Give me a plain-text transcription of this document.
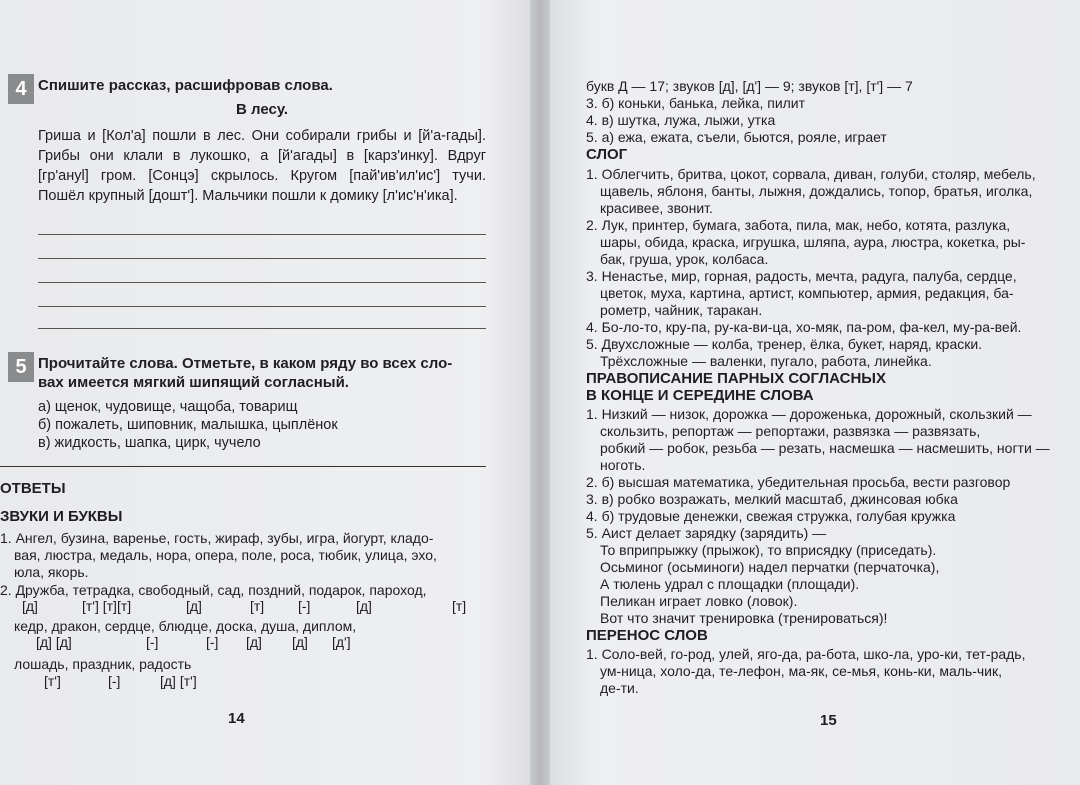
4 Спишите рассказ, расшифровав слова.
В лесу.
Гриша и [Кол'а] пошли в лес. Они собирали грибы и [й'а-гады]. Грибы они клали в лукошко, а [й'агады] в [карз'инку]. Вдруг [гр'ануl] гром. [Сонцэ] скрылось. Кругом [пай'ив'ил'ис'] тучи. Пошёл крупный [дошт']. Мальчики пошли к домику [л'ис'н'ика].
5 Прочитайте слова. Отметьте, в каком ряду во всех сло-
вах имеется мягкий шипящий согласный.
а) щенок, чудовище, чащоба, товарищ
б) пожалеть, шиповник, малышка, цыплёнок
в) жидкость, шапка, цирк, чучело
ОТВЕТЫ
ЗВУКИ И БУКВЫ
1. Ангел, бузина, варенье, гость, жираф, зубы, игра, йогурт, кладо-
вая, люстра, медаль, нора, опера, поле, роса, тюбик, улица, эхо,
юла, якорь.
2. Дружба, тетрадка, свободный, сад, поздний, подарок, пароход,
[д]	[т'] [т][т]	[д]	[т] [-]	[д]	[т]
кедр, дракон, сердце, блюдце, доска, душа, диплом,
[д] [д]	[-]	[-] [д] [д] [д']
лошадь, праздник, радость
[т']	[-]	[д] [т']
14
букв Д — 17; звуков [д], [д'] — 9; звуков [т], [т'] — 7
3. б) коньки, банька, лейка, пилит
4. в) шутка, лужа, лыжи, утка
5. а) ежа, ежата, съели, бьются, рояле, играет
СЛОГ
1. Облегчить, бритва, цокот, сорвала, диван, голуби, столяр, мебель,
щавель, яблоня, банты, лыжня, дождались, топор, братья, иголка,
красивее, звонит.
2. Лук, принтер, бумага, забота, пила, мак, небо, котята, разлука,
шары, обида, краска, игрушка, шляпа, аура, люстра, кокетка, ры-
бак, груша, урок, колбаса.
3. Ненастье, мир, горная, радость, мечта, радуга, палуба, сердце,
цветок, муха, картина, артист, компьютер, армия, редакция, ба-
рометр, чайник, таракан.
4. Бо-ло-то, кру-па, ру-ка-ви-ца, хо-мяк, па-ром, фа-кел, му-ра-вей.
5. Двухсложные — колба, тренер, ёлка, букет, наряд, краски.
Трёхсложные — валенки, пугало, работа, линейка.
ПРАВОПИСАНИЕ ПАРНЫХ СОГЛАСНЫХ
В КОНЦЕ И СЕРЕДИНЕ СЛОВА
1. Низкий — низок, дорожка — дороженька, дорожный, скользкий —
скользить, репортаж — репортажи, развязка — развязать,
робкий — робок, резьба — резать, насмешка — насмешить, ногти —
ноготь.
2. б) высшая математика, убедительная просьба, вести разговор
3. в) робко возражать, мелкий масштаб, джинсовая юбка
4. б) трудовые денежки, свежая стружка, голубая кружка
5. Аист делает зарядку (зарядить) —
То вприпрыжку (прыжок), то вприсядку (приседать).
Осьминог (осьминоги) надел перчатки (перчаточка),
А тюлень удрал с площадки (площади).
Пеликан играет ловко (ловок).
Вот что значит тренировка (тренироваться)!
ПЕРЕНОС СЛОВ
1. Соло-вей, го-род, улей, яго-да, ра-бота, шко-ла, уро-ки, тет-радь,
ум-ница, холо-да, те-лефон, ма-як, се-мья, конь-ки, маль-чик,
де-ти.
15
